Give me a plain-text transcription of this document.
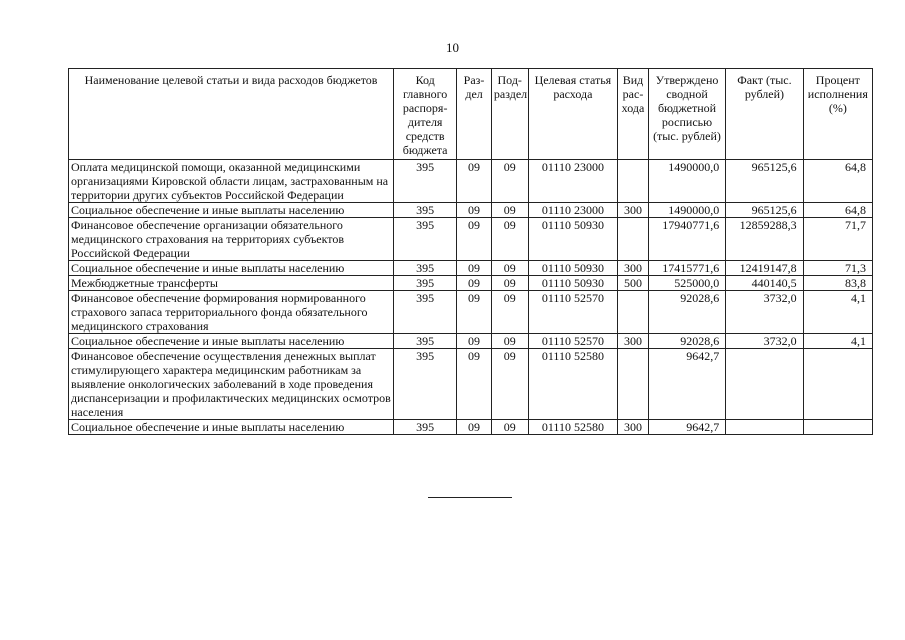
10
Наименование целевой статьи и вида расходов бюджетов	Код главного распоря-дителя средств бюджета	Раз-дел	Под-раздел	Целевая статья расхода	Вид рас-хода	Утверждено сводной бюджетной росписью (тыс. рублей)	Факт (тыс. рублей)	Процент исполнения (%)
Оплата медицинской помощи, оказанной медицинскими организациями Кировской области лицам, застрахованным на территории других субъектов Российской Федерации	395	09	09	01110 23000		1490000,0	965125,6	64,8
Социальное обеспечение и иные выплаты населению	395	09	09	01110 23000	300	1490000,0	965125,6	64,8
Финансовое обеспечение организации обязательного медицинского страхования на территориях субъектов Российской Федерации	395	09	09	01110 50930		17940771,6	12859288,3	71,7
Социальное обеспечение и иные выплаты населению	395	09	09	01110 50930	300	17415771,6	12419147,8	71,3
Межбюджетные трансферты	395	09	09	01110 50930	500	525000,0	440140,5	83,8
Финансовое обеспечение формирования нормированного страхового запаса территориального фонда обязательного медицинского страхования	395	09	09	01110 52570		92028,6	3732,0	4,1
Социальное обеспечение и иные выплаты населению	395	09	09	01110 52570	300	92028,6	3732,0	4,1
Финансовое обеспечение осуществления денежных выплат стимулирующего характера медицинским работникам за выявление онкологических заболеваний в ходе проведения диспансеризации и профилактических медицинских осмотров населения	395	09	09	01110 52580		9642,7		
Социальное обеспечение и иные выплаты населению	395	09	09	01110 52580	300	9642,7		
